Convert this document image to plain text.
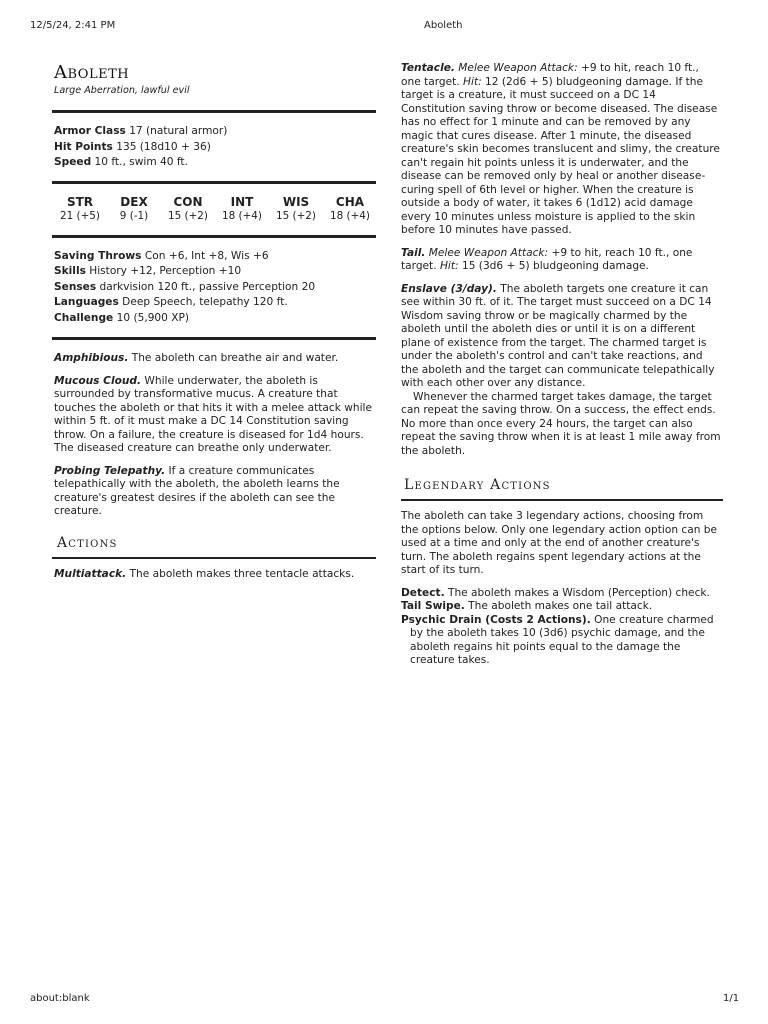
12/5/24, 2:41 PM	Aboleth
Aboleth
Large Aberration, lawful evil

Armor Class 17 (natural armor)

Hit Points 135 (18d10 + 36)

Speed 10 ft., swim 40 ft.

STR
21 (+5)
DEX
9 (-1)
CON
15 (+2)
INT
18 (+4)
WIS
15 (+2)
CHA
18 (+4)

Saving Throws Con +6, Int +8, Wis +6

Skills History +12, Perception +10

Senses darkvision 120 ft., passive Perception 20

Languages Deep Speech, telepathy 120 ft.

Challenge 10 (5,900 XP)

Amphibious. The aboleth can breathe air and water.

Mucous Cloud. While underwater, the aboleth is surrounded by transformative mucus. A creature that touches the aboleth or that hits it with a melee attack while within 5 ft. of it must make a DC 14 Constitution saving throw. On a failure, the creature is diseased for 1d4 hours. The diseased creature can breathe only underwater.

Probing Telepathy. If a creature communicates telepathically with the aboleth, the aboleth learns the creature's greatest desires if the aboleth can see the creature.

Actions

Multiattack. The aboleth makes three tentacle attacks.

Tentacle. Melee Weapon Attack: +9 to hit, reach 10 ft., one target. Hit: 12 (2d6 + 5) bludgeoning damage. If the target is a creature, it must succeed on a DC 14 Constitution saving throw or become diseased. The disease has no effect for 1 minute and can be removed by any magic that cures disease. After 1 minute, the diseased creature's skin becomes translucent and slimy, the creature can't regain hit points unless it is underwater, and the disease can be removed only by heal or another disease-curing spell of 6th level or higher. When the creature is outside a body of water, it takes 6 (1d12) acid damage every 10 minutes unless moisture is applied to the skin before 10 minutes have passed.

Tail. Melee Weapon Attack: +9 to hit, reach 10 ft., one target. Hit: 15 (3d6 + 5) bludgeoning damage.

Enslave (3/day). The aboleth targets one creature it can see within 30 ft. of it. The target must succeed on a DC 14 Wisdom saving throw or be magically charmed by the aboleth until the aboleth dies or until it is on a different plane of existence from the target. The charmed target is under the aboleth's control and can't take reactions, and the aboleth and the target can communicate telepathically with each other over any distance.

Whenever the charmed target takes damage, the target can repeat the saving throw. On a success, the effect ends. No more than once every 24 hours, the target can also repeat the saving throw when it is at least 1 mile away from the aboleth.

Legendary Actions

The aboleth can take 3 legendary actions, choosing from the options below. Only one legendary action option can be used at a time and only at the end of another creature's turn. The aboleth regains spent legendary actions at the start of its turn.

Detect. The aboleth makes a Wisdom (Perception) check.

Tail Swipe. The aboleth makes one tail attack.

Psychic Drain (Costs 2 Actions). One creature charmed by the aboleth takes 10 (3d6) psychic damage, and the aboleth regains hit points equal to the damage the creature takes.

about:blank	1/1
